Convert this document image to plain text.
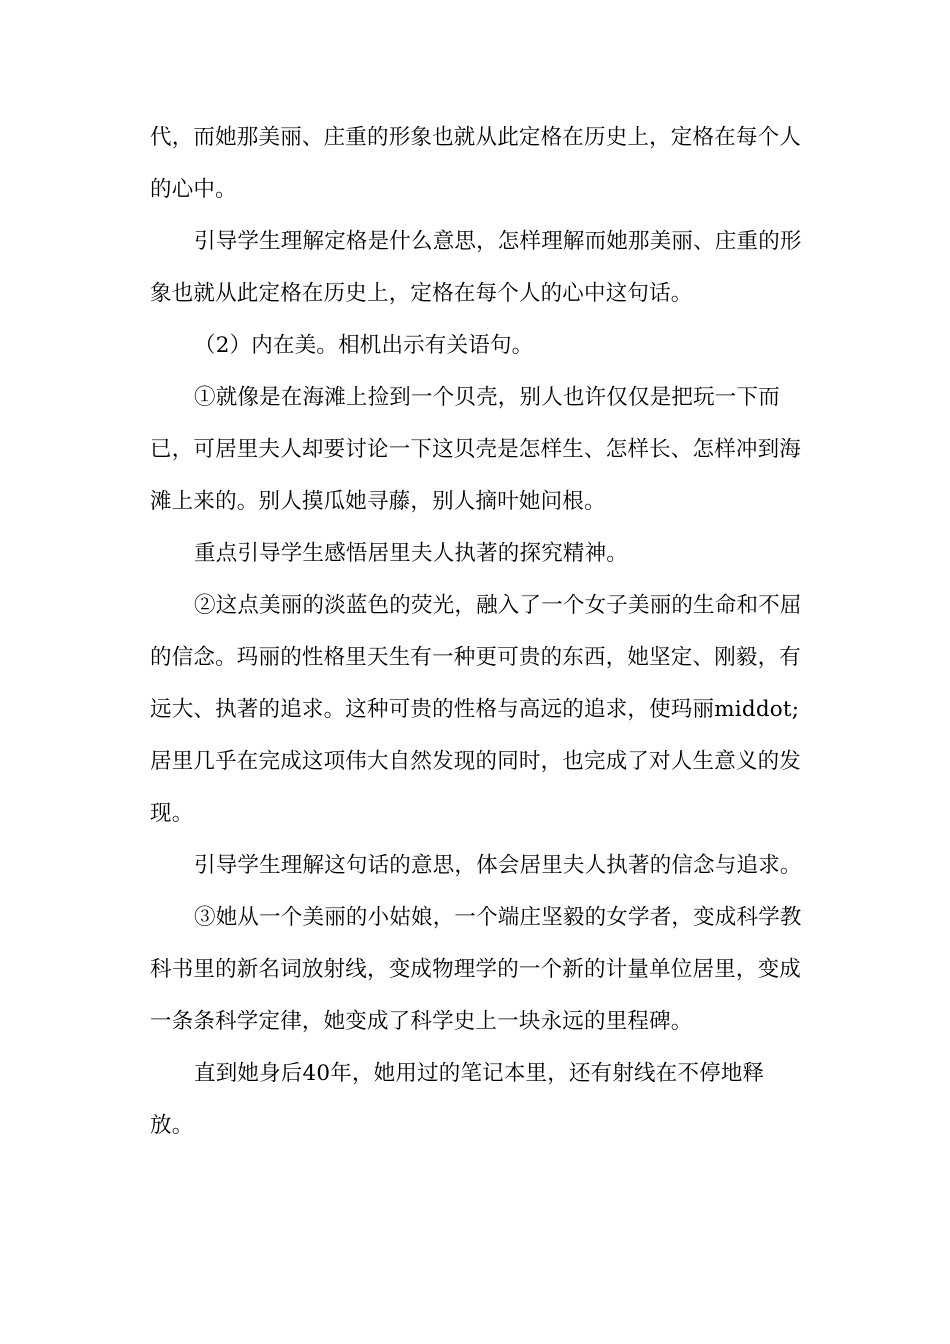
代，而她那美丽、庄重的形象也就从此定格在历史上，定格在每个人的心中。

引导学生理解定格是什么意思，怎样理解而她那美丽、庄重的形象也就从此定格在历史上，定格在每个人的心中这句话。

（2）内在美。相机出示有关语句。

①就像是在海滩上捡到一个贝壳，别人也许仅仅是把玩一下而已，可居里夫人却要讨论一下这贝壳是怎样生、怎样长、怎样冲到海滩上来的。别人摸瓜她寻藤，别人摘叶她问根。

重点引导学生感悟居里夫人执著的探究精神。

②这点美丽的淡蓝色的荧光，融入了一个女子美丽的生命和不屈的信念。玛丽的性格里天生有一种更可贵的东西，她坚定、刚毅，有远大、执著的追求。这种可贵的性格与高远的追求，使玛丽middot;居里几乎在完成这项伟大自然发现的同时，也完成了对人生意义的发现。

引导学生理解这句话的意思，体会居里夫人执著的信念与追求。

③她从一个美丽的小姑娘，一个端庄坚毅的女学者，变成科学教科书里的新名词放射线，变成物理学的一个新的计量单位居里，变成一条条科学定律，她变成了科学史上一块永远的里程碑。

直到她身后40年，她用过的笔记本里，还有射线在不停地释放。
